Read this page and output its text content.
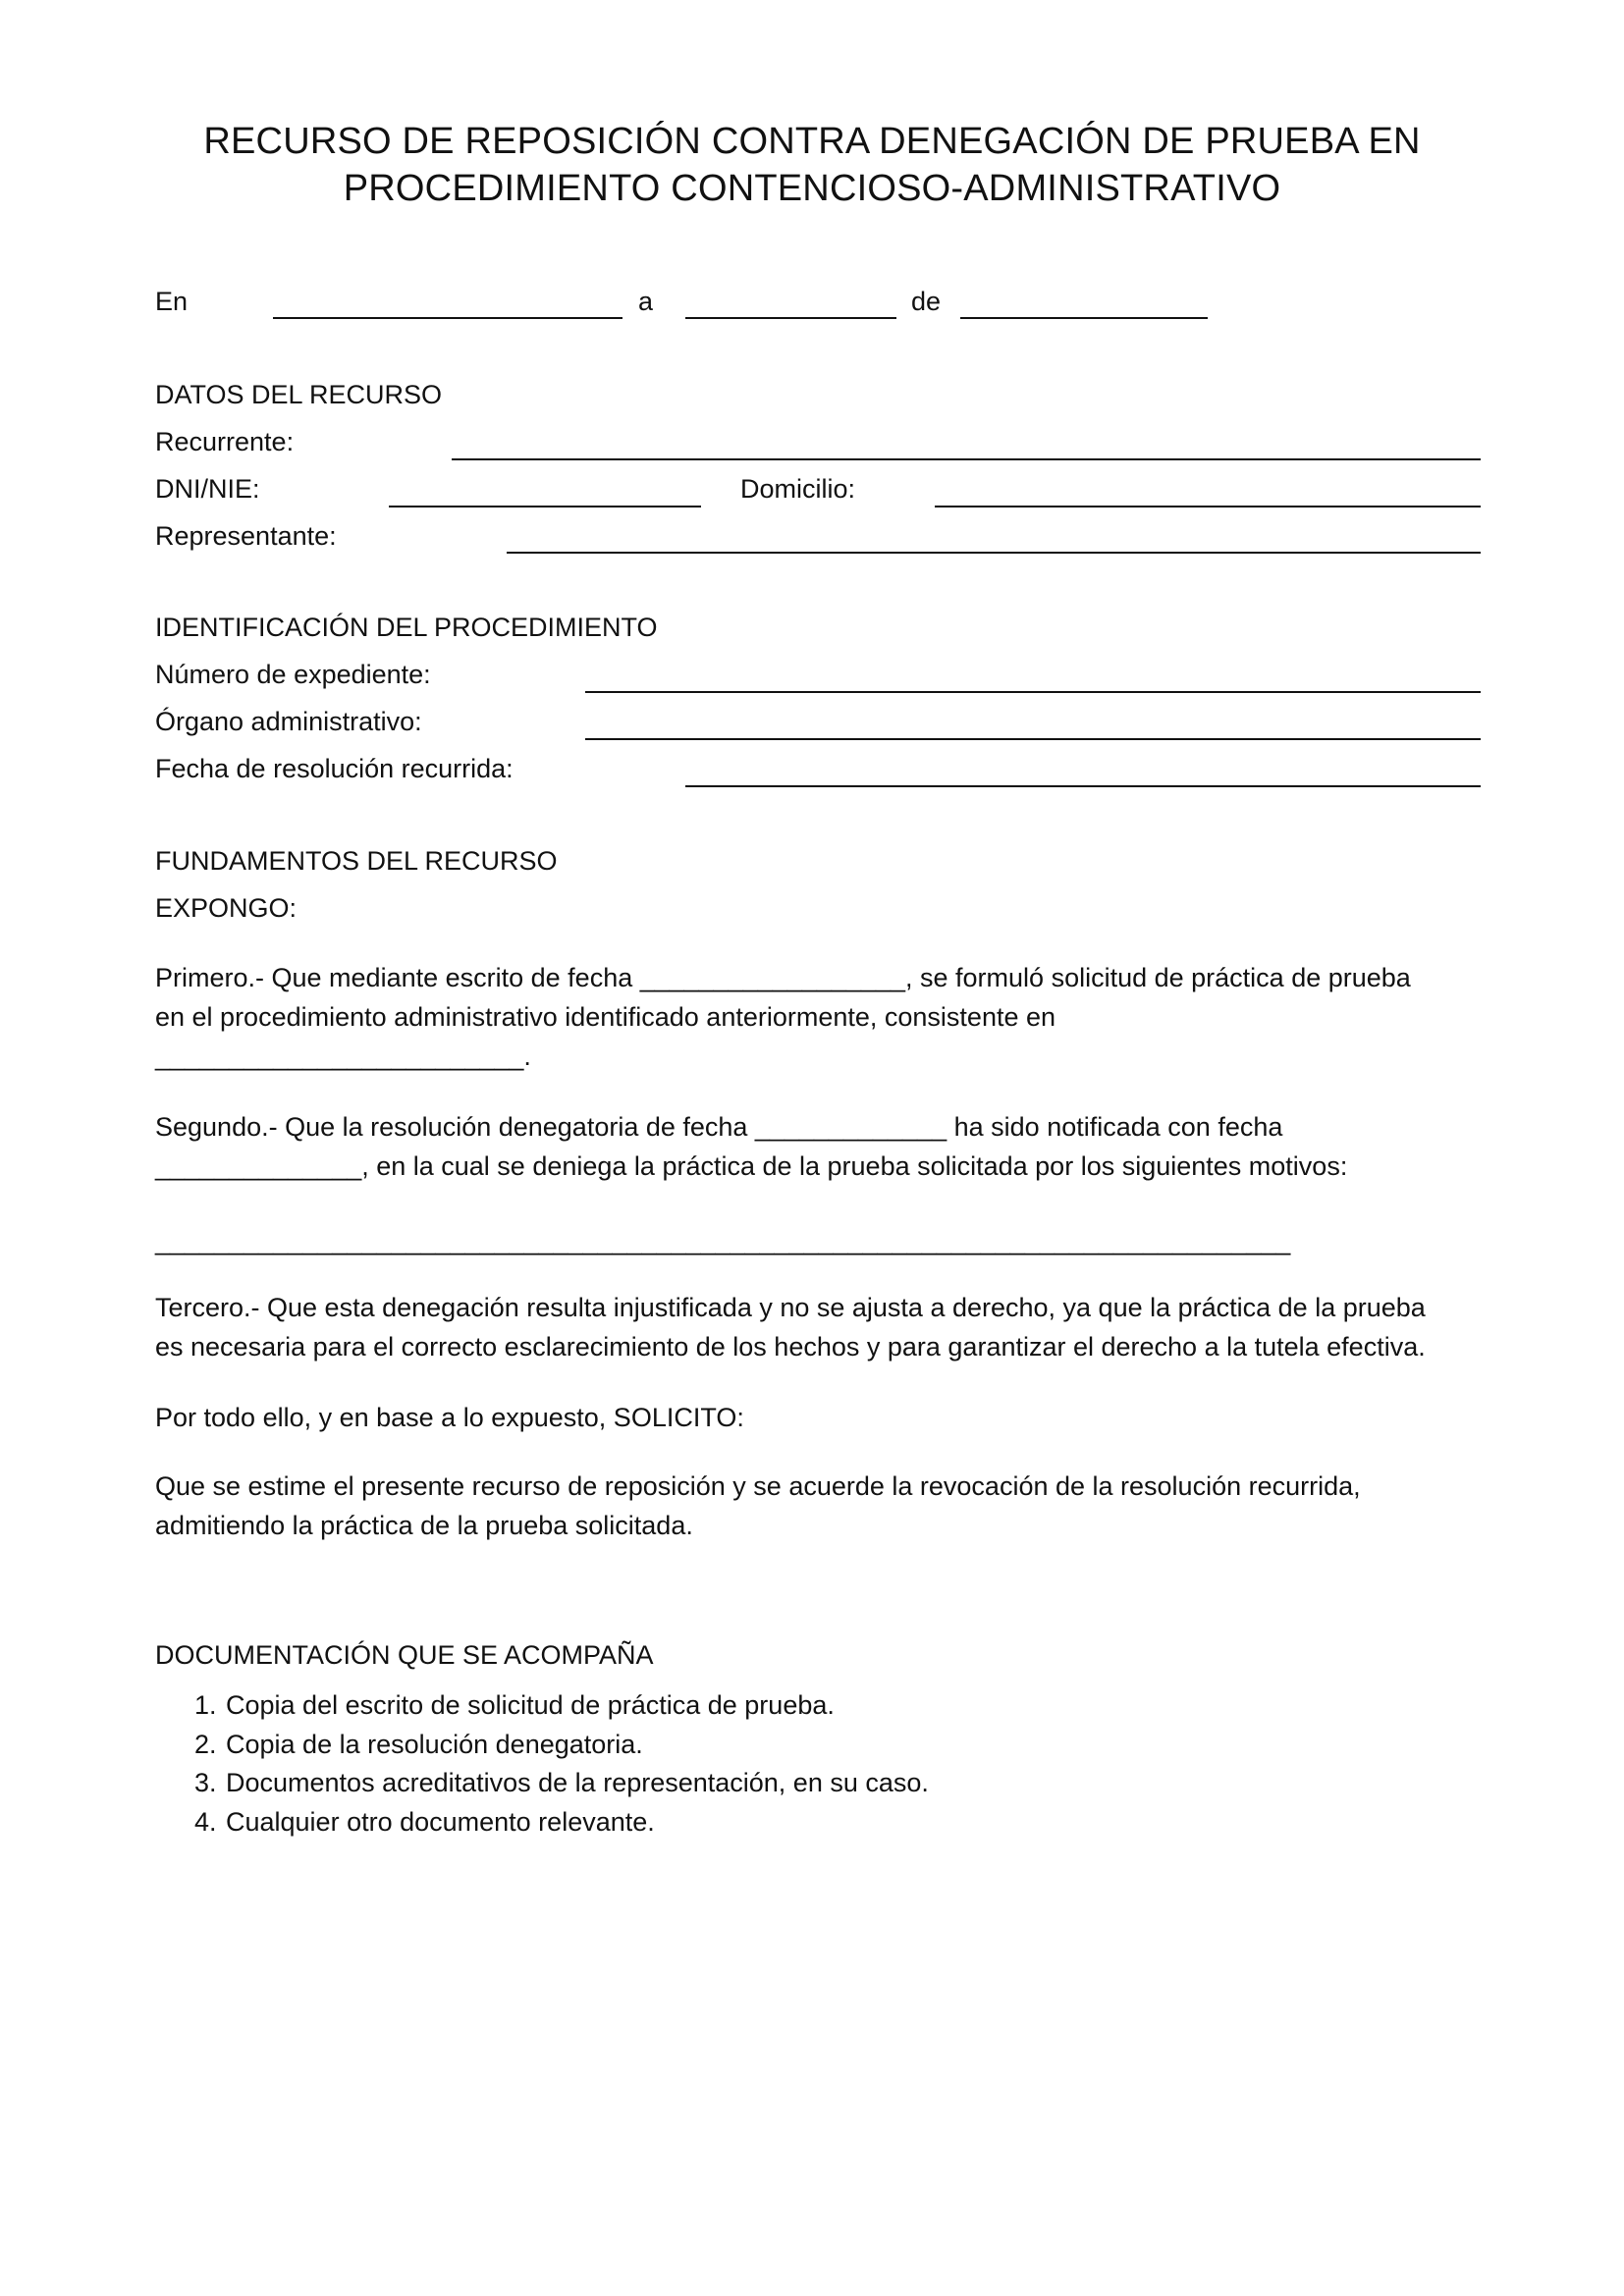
RECURSO DE REPOSICIÓN CONTRA DENEGACIÓN DE PRUEBA EN
PROCEDIMIENTO CONTENCIOSO-ADMINISTRATIVO
En	a	de
DATOS DEL RECURSO
Recurrente:
DNI/NIE:	Domicilio:
Representante:
IDENTIFICACIÓN DEL PROCEDIMIENTO
Número de expediente:
Órgano administrativo:
Fecha de resolución recurrida:
FUNDAMENTOS DEL RECURSO
EXPONGO:
Primero.- Que mediante escrito de fecha __________________, se formuló solicitud de práctica de prueba
en el procedimiento administrativo identificado anteriormente, consistente en
_________________________.
Segundo.- Que la resolución denegatoria de fecha _____________ ha sido notificada con fecha
______________, en la cual se deniega la práctica de la prueba solicitada por los siguientes motivos:
_____________________________________________________________________________
Tercero.- Que esta denegación resulta injustificada y no se ajusta a derecho, ya que la práctica de la prueba
es necesaria para el correcto esclarecimiento de los hechos y para garantizar el derecho a la tutela efectiva.
Por todo ello, y en base a lo expuesto, SOLICITO:
Que se estime el presente recurso de reposición y se acuerde la revocación de la resolución recurrida,
admitiendo la práctica de la prueba solicitada.
DOCUMENTACIÓN QUE SE ACOMPAÑA
1. Copia del escrito de solicitud de práctica de prueba.
2. Copia de la resolución denegatoria.
3. Documentos acreditativos de la representación, en su caso.
4. Cualquier otro documento relevante.
